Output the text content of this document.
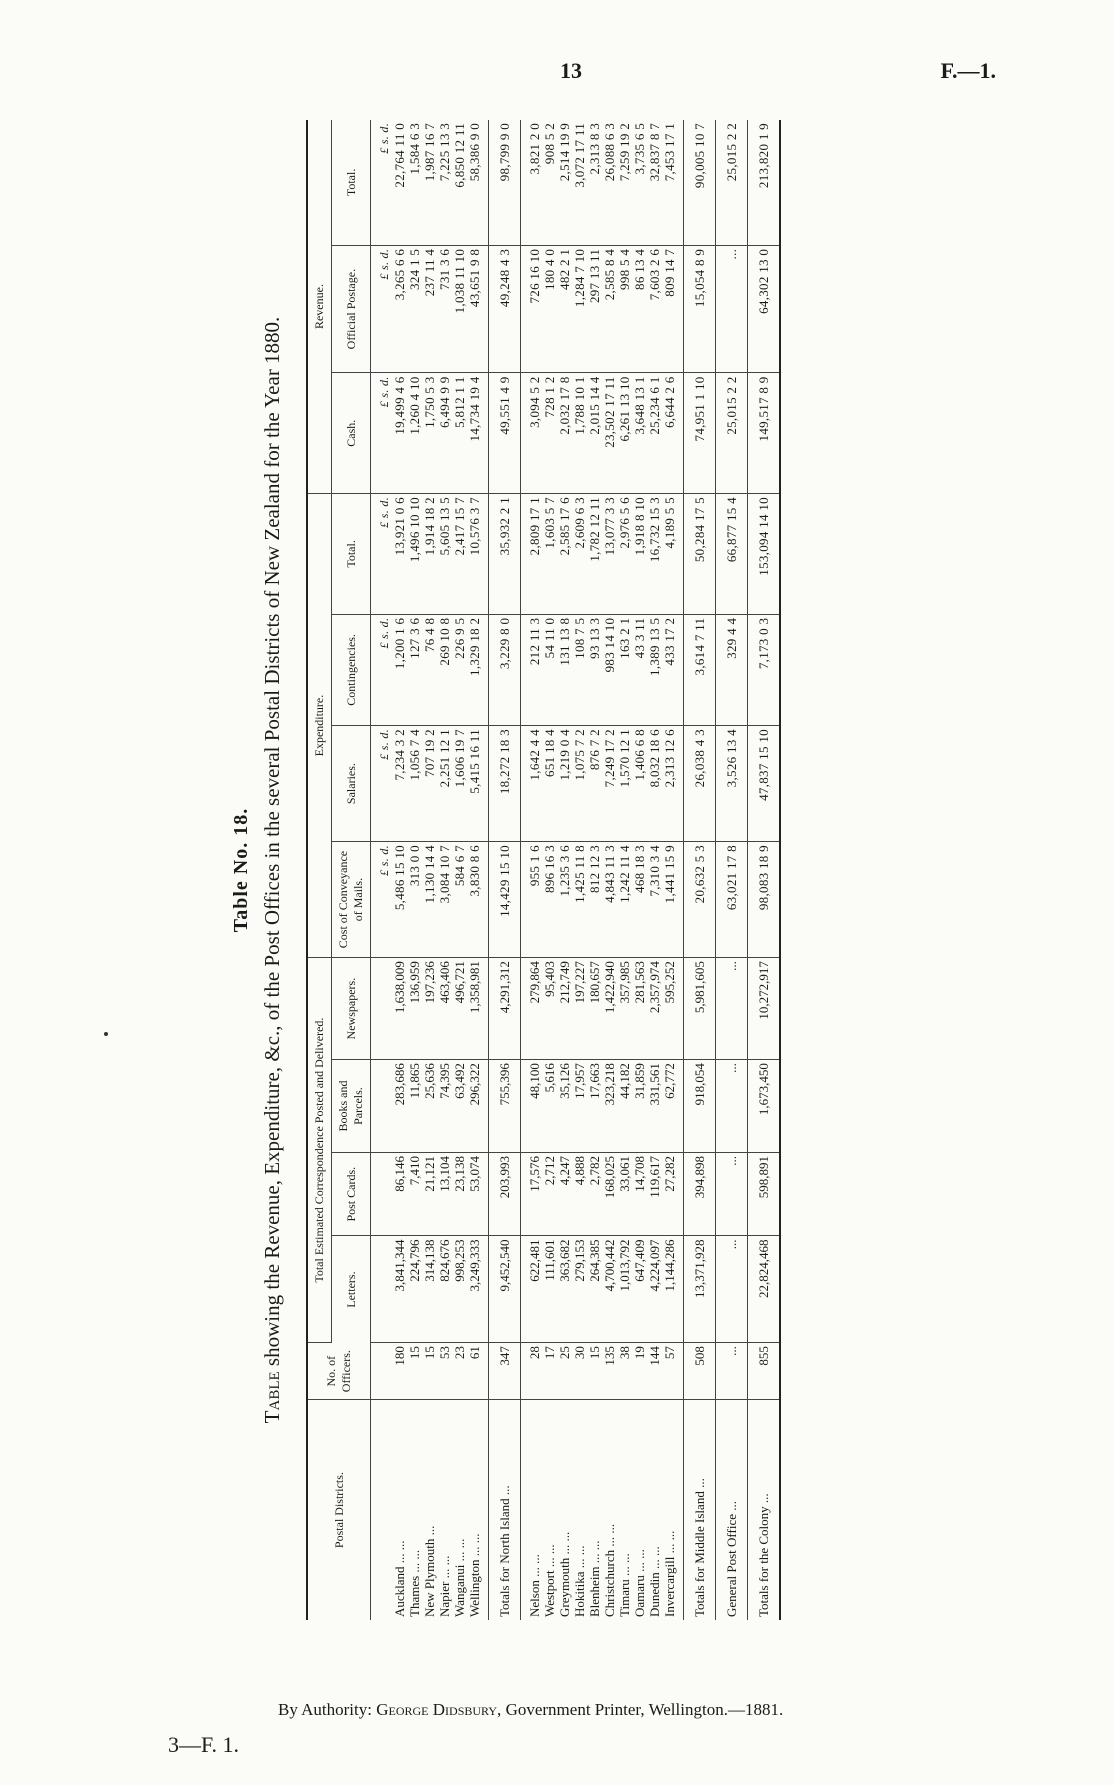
13	F.—1.
Table No. 18.
Table showing the Revenue, Expenditure, &c., of the Post Offices in the several Postal Districts of New Zealand for the Year 1880.
Postal Districts.	No. of Officers.	Total Estimated Correspondence Posted and Delivered.				Expenditure.				Revenue.		
		Letters.	Post Cards.	Books and Parcels.	Newspapers.	Cost of Conveyance of Mails.	Salaries.	Contingencies.	Total.	Cash.	Official Postage.	Total.
						£ s. d.	£ s. d.	£ s. d.	£ s. d.	£ s. d.	£ s. d.	£ s. d.
Auckland ... ...	180	3,841,344	86,146	283,686	1,638,009	5,486 15 10	7,234 3 2	1,200 1 6	13,921 0 6	19,499 4 6	3,265 6 6	22,764 11 0
Thames ... ...	15	224,796	7,410	11,865	136,959	313 0 0	1,056 7 4	127 3 6	1,496 10 10	1,260 4 10	324 1 5	1,584 6 3
New Plymouth ...	15	314,138	21,121	25,636	197,236	1,130 14 4	707 19 2	76 4 8	1,914 18 2	1,750 5 3	237 11 4	1,987 16 7
Napier ... ...	53	824,676	13,104	74,395	463,406	3,084 10 7	2,251 12 1	269 10 8	5,605 13 5	6,494 9 9	731 3 6	7,225 13 3
Wanganui ... ...	23	998,253	23,138	63,492	496,721	584 6 7	1,606 19 7	226 9 5	2,417 15 7	5,812 1 1	1,038 11 10	6,850 12 11
Wellington ... ...	61	3,249,333	53,074	296,322	1,358,981	3,830 8 6	5,415 16 11	1,329 18 2	10,576 3 7	14,734 19 4	43,651 9 8	58,386 9 0

Totals for North Island ...	347	9,452,540	203,993	755,396	4,291,312	14,429 15 10	18,272 18 3	3,229 8 0	35,932 2 1	49,551 4 9	49,248 4 3	98,799 9 0

Nelson ... ...	28	622,481	17,576	48,100	279,864	955 1 6	1,642 4 4	212 11 3	2,809 17 1	3,094 5 2	726 16 10	3,821 2 0
Westport ... ...	17	111,601	2,712	5,616	95,403	896 16 3	651 18 4	54 11 0	1,603 5 7	728 1 2	180 4 0	908 5 2
Greymouth ... ...	25	363,682	4,247	35,126	212,749	1,235 3 6	1,219 0 4	131 13 8	2,585 17 6	2,032 17 8	482 2 1	2,514 19 9
Hokitika ... ...	30	279,153	4,888	17,957	197,227	1,425 11 8	1,075 7 2	108 7 5	2,609 6 3	1,788 10 1	1,284 7 10	3,072 17 11
Blenheim ... ...	15	264,385	2,782	17,663	180,657	812 12 3	876 7 2	93 13 3	1,782 12 11	2,015 14 4	297 13 11	2,313 8 3
Christchurch ... ...	135	4,700,442	168,025	323,218	1,422,940	4,843 11 3	7,249 17 2	983 14 10	13,077 3 3	23,502 17 11	2,585 8 4	26,088 6 3
Timaru ... ...	38	1,013,792	33,061	44,182	357,985	1,242 11 4	1,570 12 1	163 2 1	2,976 5 6	6,261 13 10	998 5 4	7,259 19 2
Oamaru ... ...	19	647,409	14,708	31,859	281,563	468 18 3	1,406 6 8	43 3 11	1,918 8 10	3,648 13 1	86 13 4	3,735 6 5
Dunedin ... ...	144	4,224,097	119,617	331,561	2,357,974	7,310 3 4	8,032 18 6	1,389 13 5	16,732 15 3	25,234 6 1	7,603 2 6	32,837 8 7
Invercargill ... ...	57	1,144,286	27,282	62,772	595,252	1,441 15 9	2,313 12 6	433 17 2	4,189 5 5	6,644 2 6	809 14 7	7,453 17 1

Totals for Middle Island ...	508	13,371,928	394,898	918,054	5,981,605	20,632 5 3	26,038 4 3	3,614 7 11	50,284 17 5	74,951 1 10	15,054 8 9	90,005 10 7
General Post Office ...	...	...	...	...	...	63,021 17 8	3,526 13 4	329 4 4	66,877 15 4	25,015 2 2	...	25,015 2 2
Totals for the Colony ...	855	22,824,468	598,891	1,673,450	10,272,917	98,083 18 9	47,837 15 10	7,173 0 3	153,094 14 10	149,517 8 9	64,302 13 0	213,820 1 9
By Authority: George Didsbury, Government Printer, Wellington.—1881.
3—F. 1.
